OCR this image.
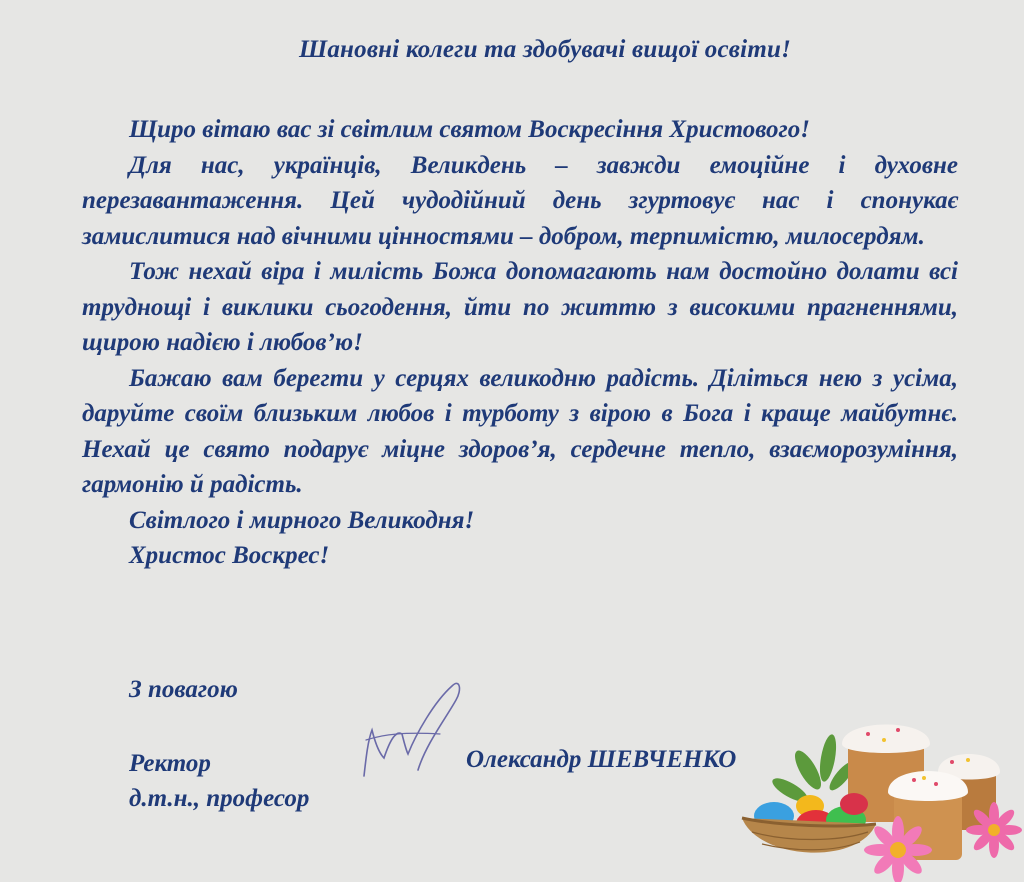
Шановні колеги та здобувачі вищої освіти!

Щиро вітаю вас зі світлим святом Воскресіння Христового!

Для нас, українців, Великдень – завжди емоційне і духовне перезавантаження. Цей чудодійний день згуртовує нас і спонукає замислитися над вічними цінностями – добром, терпимістю, милосердям.

Тож нехай віра і милість Божа допомагають нам достойно долати всі труднощі і виклики сьогодення, йти по життю з високими прагненнями, щирою надією і любов’ю!

Бажаю вам берегти у серцях великодню радість. Діліться нею з усіма, даруйте своїм близьким любов і турботу з вірою в Бога і краще майбутнє. Нехай це свято подарує міцне здоров’я, сердечне тепло, взаєморозуміння, гармонію й радість.

Світлого і мирного Великодня!

Христос Воскрес!

З повагою
Ректор
д.т.н., професор
Олександр ШЕВЧЕНКО
